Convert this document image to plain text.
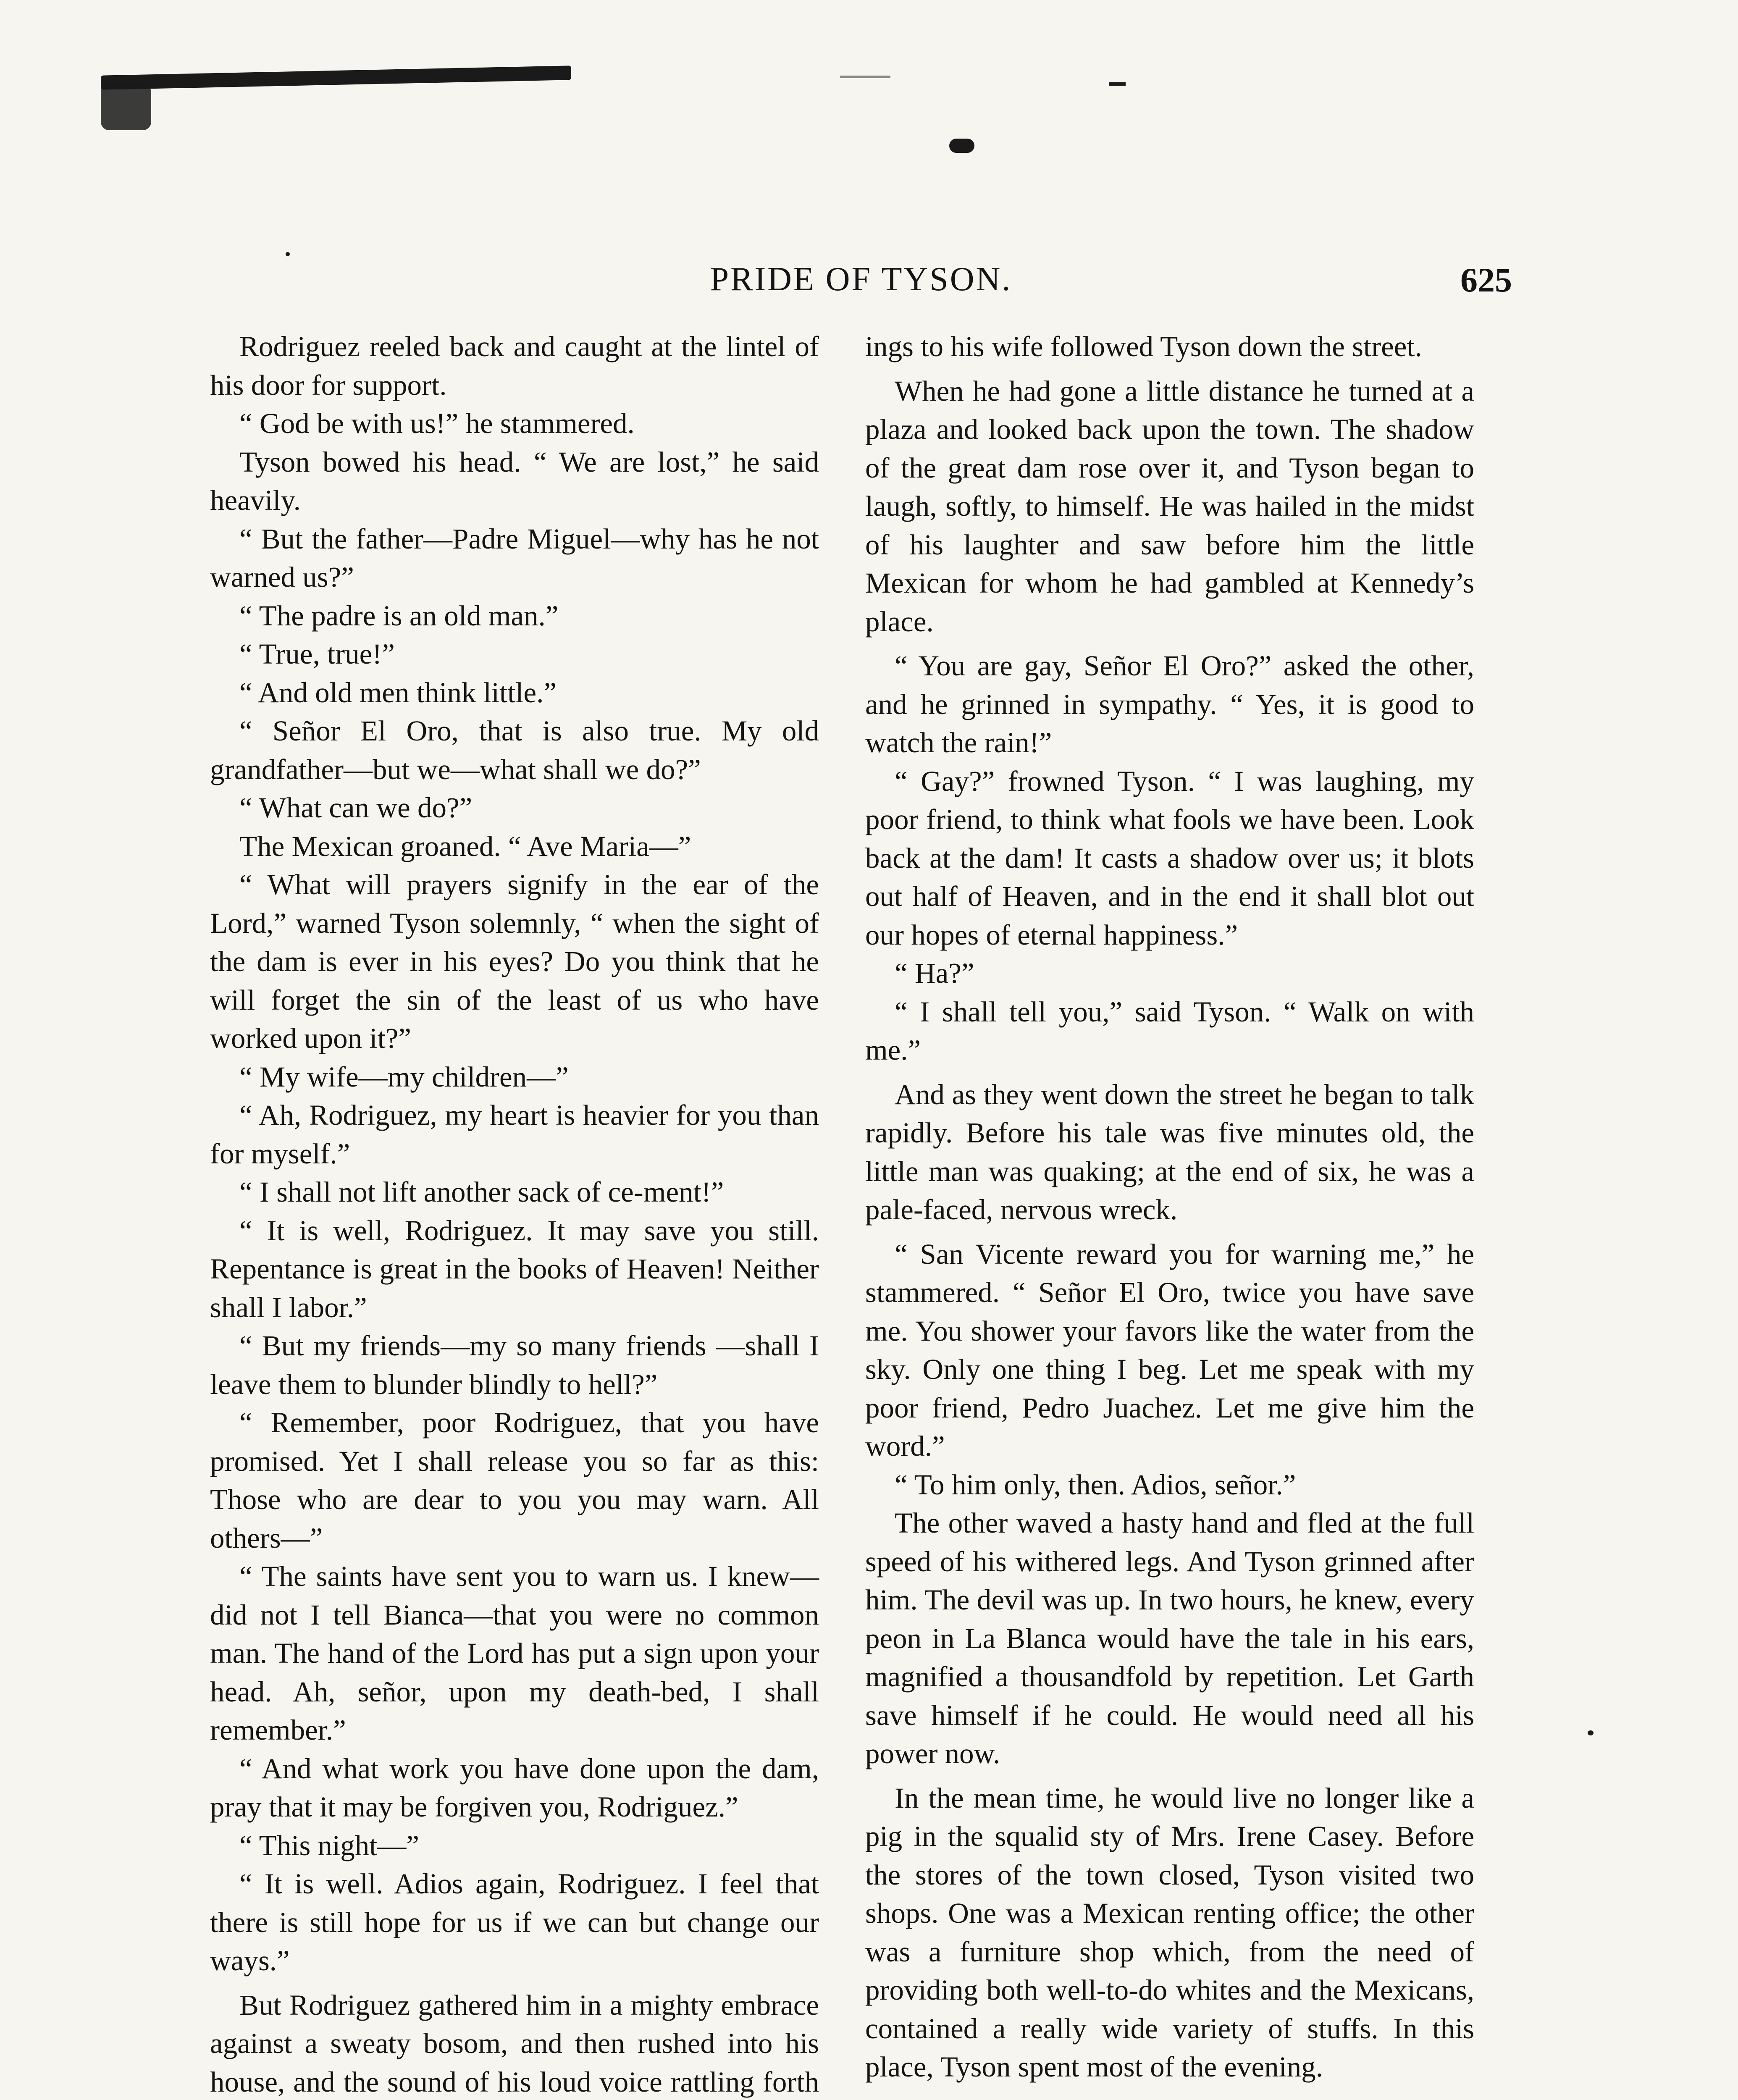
PRIDE OF TYSON.	625

Rodriguez reeled back and caught at the lintel of his door for support.

“ God be with us!” he stammered.

Tyson bowed his head. “ We are lost,” he said heavily.

“ But the father—Padre Miguel—why has he not warned us?”

“ The padre is an old man.”

“ True, true!”

“ And old men think little.”

“ Señor El Oro, that is also true. My old grandfather—but we—what shall we do?”

“ What can we do?”

The Mexican groaned. “ Ave Maria—”

“ What will prayers signify in the ear of the Lord,” warned Tyson solemnly, “ when the sight of the dam is ever in his eyes? Do you think that he will forget the sin of the least of us who have worked upon it?”

“ My wife—my children—”

“ Ah, Rodriguez, my heart is heavier for you than for myself.”

“ I shall not lift another sack of ce-ment!”

“ It is well, Rodriguez. It may save you still. Repentance is great in the books of Heaven! Neither shall I labor.”

“ But my friends—my so many friends —shall I leave them to blunder blindly to hell?”

“ Remember, poor Rodriguez, that you have promised. Yet I shall release you so far as this: Those who are dear to you you may warn. All others—”

“ The saints have sent you to warn us. I knew—did not I tell Bianca—that you were no common man. The hand of the Lord has put a sign upon your head. Ah, señor, upon my death-bed, I shall remember.”

“ And what work you have done upon the dam, pray that it may be forgiven you, Rodriguez.”

“ This night—”

“ It is well. Adios again, Rodriguez. I feel that there is still hope for us if we can but change our ways.”

But Rodriguez gathered him in a mighty embrace against a sweaty bosom, and then rushed into his house, and the sound of his loud voice rattling forth

ings to his wife followed Tyson down the street.

When he had gone a little distance he turned at a plaza and looked back upon the town. The shadow of the great dam rose over it, and Tyson began to laugh, softly, to himself. He was hailed in the midst of his laughter and saw before him the little Mexican for whom he had gambled at Kennedy’s place.

“ You are gay, Señor El Oro?” asked the other, and he grinned in sympathy. “ Yes, it is good to watch the rain!”

“ Gay?” frowned Tyson. “ I was laughing, my poor friend, to think what fools we have been. Look back at the dam! It casts a shadow over us; it blots out half of Heaven, and in the end it shall blot out our hopes of eternal happiness.”

“ Ha?”

“ I shall tell you,” said Tyson. “ Walk on with me.”

And as they went down the street he began to talk rapidly. Before his tale was five minutes old, the little man was quaking; at the end of six, he was a pale-faced, nervous wreck.

“ San Vicente reward you for warning me,” he stammered. “ Señor El Oro, twice you have save me. You shower your favors like the water from the sky. Only one thing I beg. Let me speak with my poor friend, Pedro Juachez. Let me give him the word.”

“ To him only, then. Adios, señor.”

The other waved a hasty hand and fled at the full speed of his withered legs. And Tyson grinned after him. The devil was up. In two hours, he knew, every peon in La Blanca would have the tale in his ears, magnified a thousandfold by repetition. Let Garth save himself if he could. He would need all his power now.

In the mean time, he would live no longer like a pig in the squalid sty of Mrs. Irene Casey. Before the stores of the town closed, Tyson visited two shops. One was a Mexican renting office; the other was a furniture shop which, from the need of providing both well-to-do whites and the Mexicans, contained a really wide variety of stuffs. In this place, Tyson spent most of the evening.
